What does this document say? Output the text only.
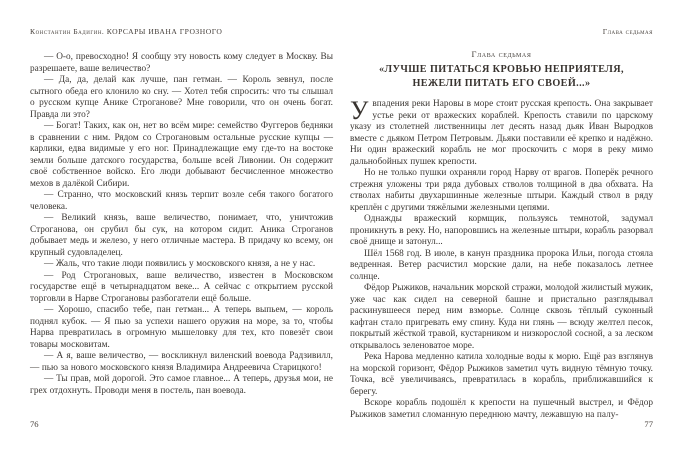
Константин Бадигин. КОРСАРЫ ИВАНА ГРОЗНОГО

— О-о, превосходно! Я сообщу эту новость кому следует в Москву. Вы разрешаете, ваше величество?

— Да, да, делай как лучше, пан гетман. — Король зевнул, после сытного обеда его клонило ко сну. — Хотел тебя спросить: что ты слышал о русском купце Анике Строганове? Мне говорили, что он очень богат. Правда ли это?

— Богат! Таких, как он, нет во всём мире: семейство Фуггеров бедняки в сравнении с ним. Рядом со Строгановым остальные русские купцы — карлики, едва видимые у его ног. Принадлежащие ему где-то на востоке земли больше датского государства, больше всей Ливонии. Он содержит своё собственное войско. Его люди добывают бесчисленное множество мехов в далёкой Сибири.

— Странно, что московский князь терпит возле себя такого богатого человека.

— Великий князь, ваше величество, понимает, что, уничтожив Строганова, он срубил бы сук, на котором сидит. Аника Строганов добывает медь и железо, у него отличные мастера. В придачу ко всему, он крупный судовладелец.

— Жаль, что такие люди появились у московского князя, а не у нас.

— Род Строгановых, ваше величество, известен в Московском государстве ещё в четырнадцатом веке... А сейчас с открытием русской торговли в Нарве Строгановы разбогатели ещё больше.

— Хорошо, спасибо тебе, пан гетман... А теперь выпьем, — король поднял кубок. — Я пью за успехи нашего оружия на море, за то, чтобы Нарва превратилась в огромную мышеловку для тех, кто повезёт свои товары московитам.

— А я, ваше величество, — воскликнул виленский воевода Радзивилл, — пью за нового московского князя Владимира Андреевича Старицкого!

— Ты прав, мой дорогой. Это самое главное... А теперь, друзья мои, не грех отдохнуть. Проводи меня в постель, пан воевода.

76
Глава седьмая
Глава седьмая
«ЛУЧШЕ ПИТАТЬСЯ КРОВЬЮ НЕПРИЯТЕЛЯ,
НЕЖЕЛИ ПИТАТЬ ЕГО СВОЕЙ...»

Увпадения реки Наровы в море стоит русская крепость. Она закрывает устье реки от вражеских кораблей. Крепость ставили по царскому указу из столетней лиственницы лет десять назад дьяк Иван Выродков вместе с дьяком Петром Петровым. Дьяки поставили её крепко и надёжно. Ни один вражеский корабль не мог проскочить с моря в реку мимо дальнобойных пушек крепости.

Но не только пушки охраняли город Нарву от врагов. Поперёк речного стрежня уложены три ряда дубовых стволов толщиной в два обхвата. На стволах набиты двухаршинные железные штыри. Каждый ствол в ряду креплён с другими тяжёлыми железными цепями.

Однажды вражеский кормщик, пользуясь темнотой, задумал проникнуть в реку. Но, напоровшись на железные штыри, корабль разорвал своё днище и затонул...

Шёл 1568 год. В июле, в канун праздника пророка Ильи, погода стояла ведренная. Ветер расчистил морские дали, на небе показалось летнее солнце.

Фёдор Рыжиков, начальник морской стражи, молодой жилистый мужик, уже час как сидел на северной башне и пристально разглядывал раскинувшееся перед ним взморье. Солнце сквозь тёплый суконный кафтан стало пригревать ему спину. Куда ни глянь — всюду желтел песок, покрытый жёсткой травой, кустарником и низкорослой сосной, а за леском открывалось зеленоватое море.

Река Нарова медленно катила холодные воды к морю. Ещё раз взглянув на морской горизонт, Фёдор Рыжиков заметил чуть видную тёмную точку. Точка, всё увеличиваясь, превратилась в корабль, приближавшийся к берегу.

Вскоре корабль подошёл к крепости на пушечный выстрел, и Фёдор Рыжиков заметил сломанную переднюю мачту, лежавшую на палу-

77
